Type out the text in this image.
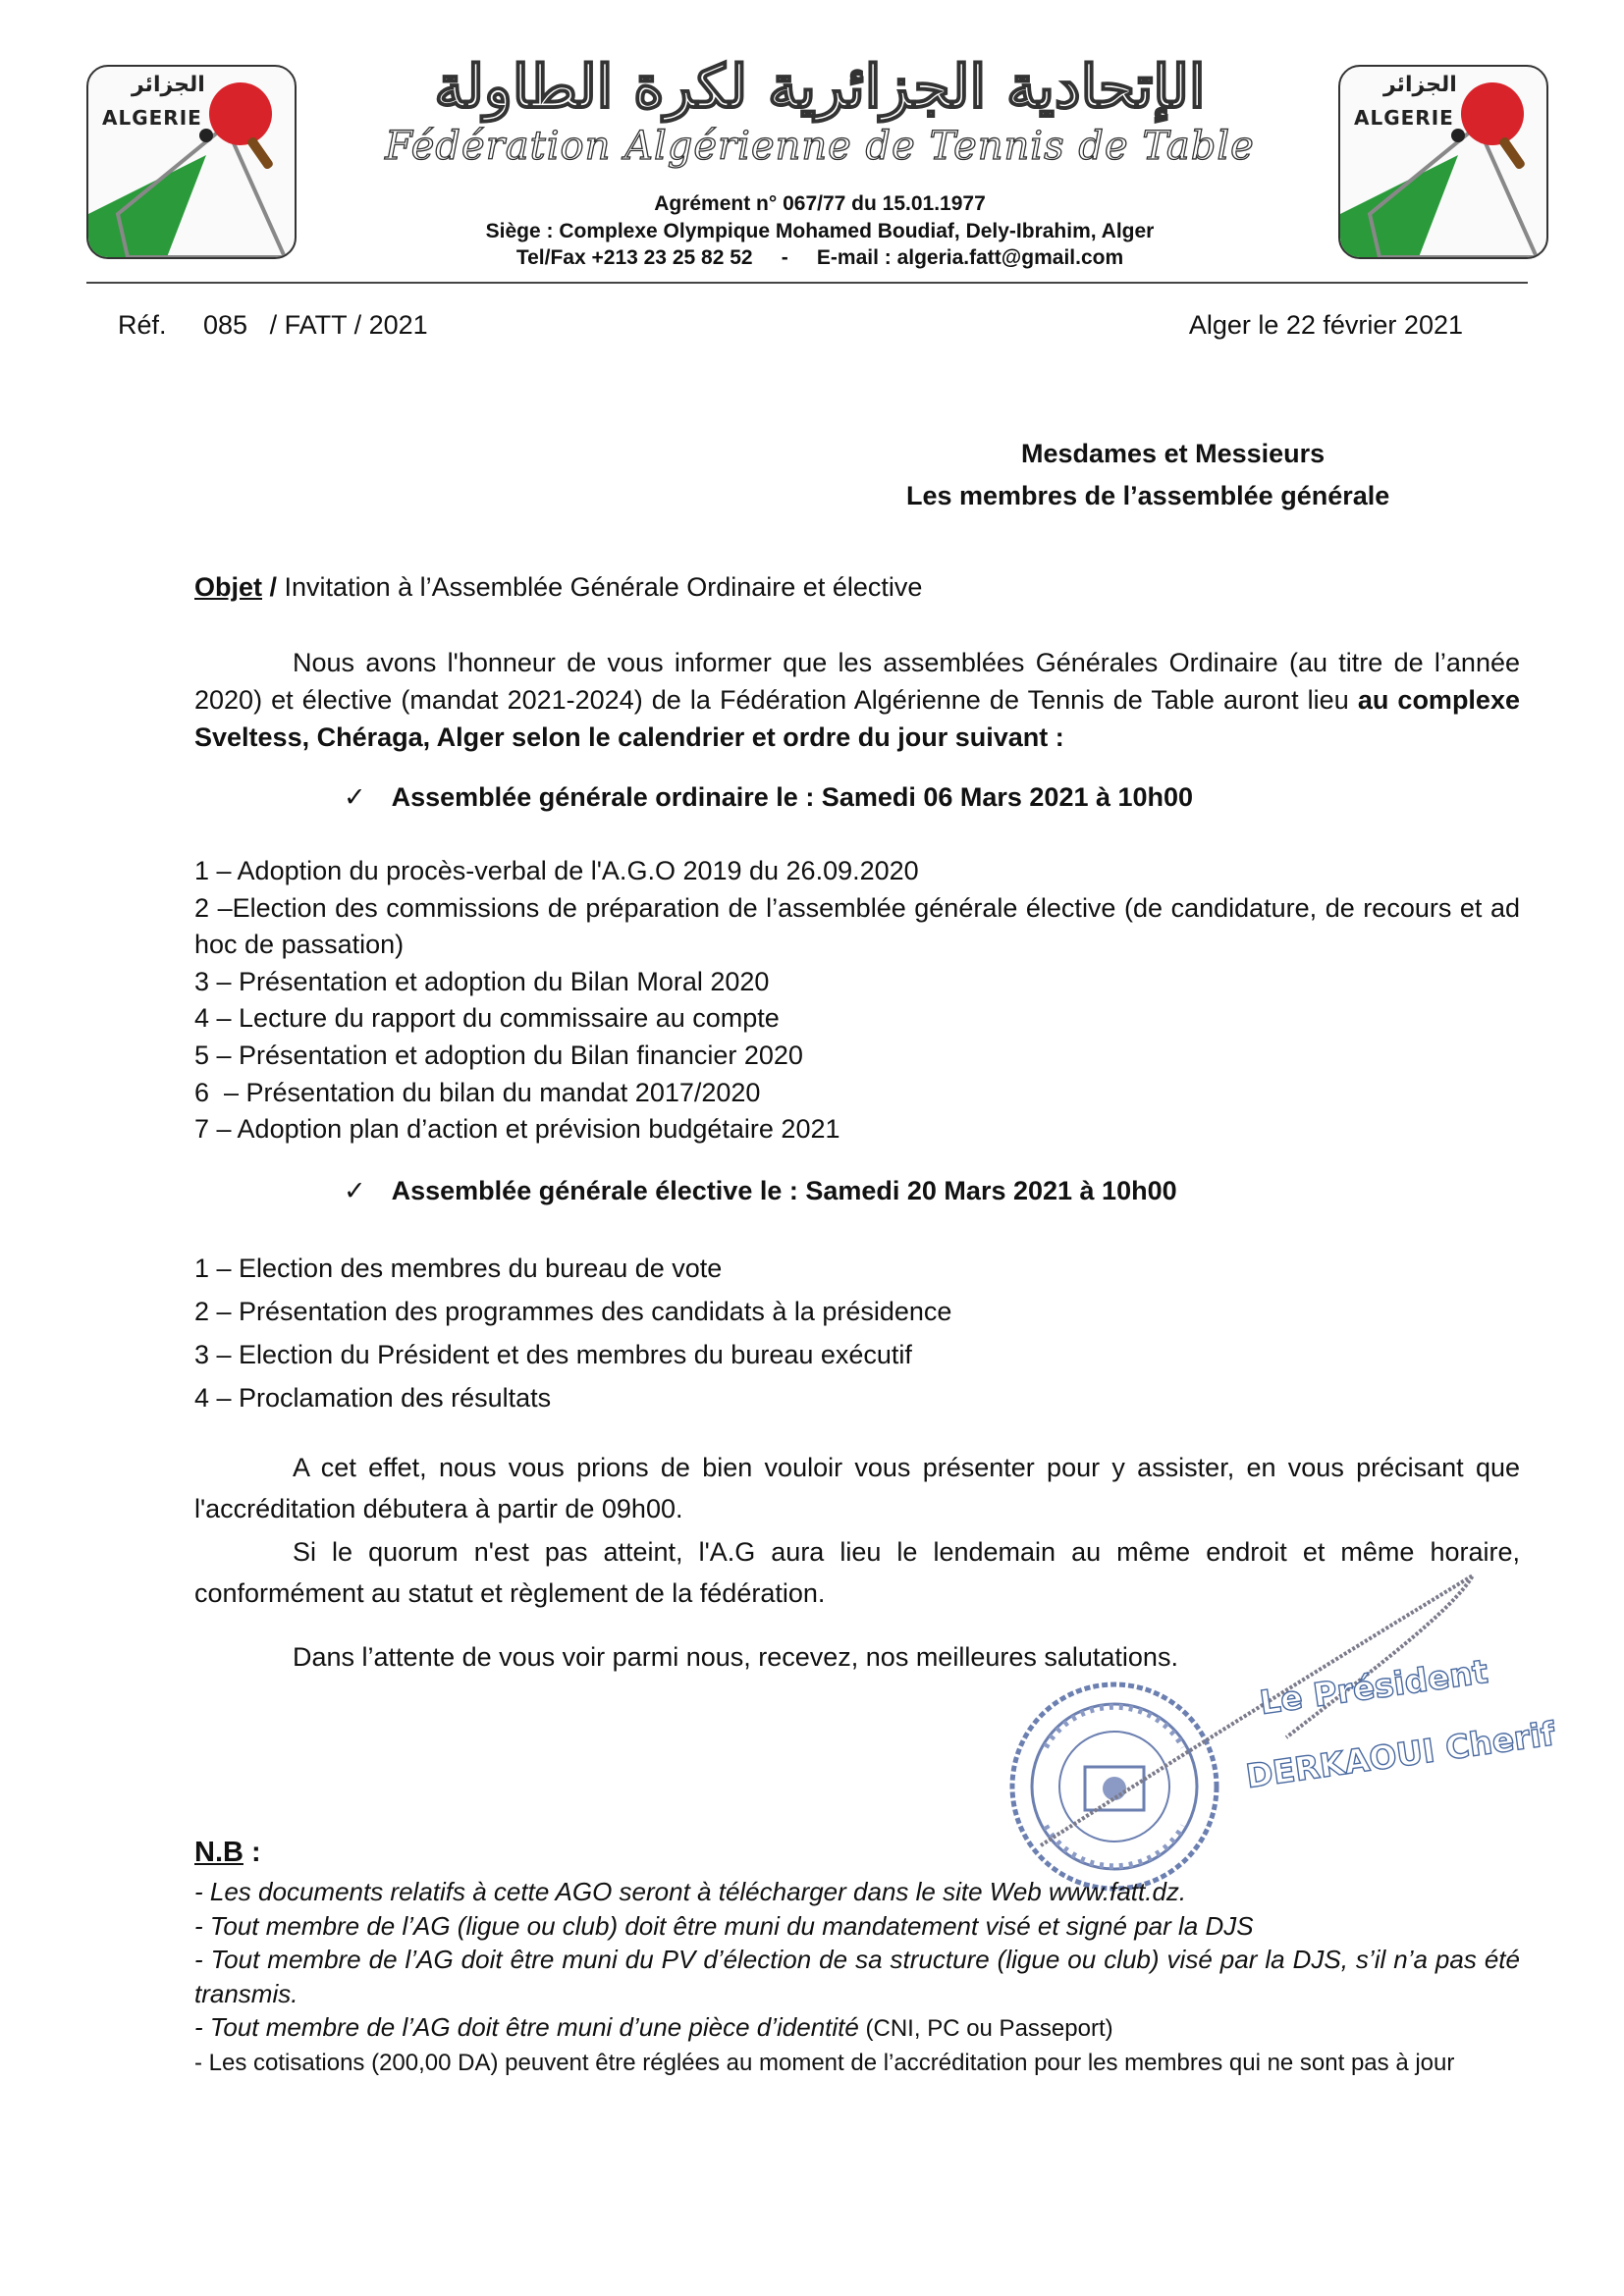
الجزائر
ALGERIE	الإتحادية الجزائرية لكرة الطاولة
Fédération Algérienne de Tennis de Table
Agrément n° 067/77 du 15.01.1977
Siège : Complexe Olympique Mohamed Boudiaf, Dely-Ibrahim, Alger
Tel/Fax +213 23 25 82 52     -     E-mail : algeria.fatt@gmail.com
الجزائر
ALGERIE
Réf.     085   / FATT / 2021	Alger le 22 février 2021
Mesdames et Messieurs
Les membres de l’assemblée générale
Objet / Invitation à l’Assemblée Générale Ordinaire et élective
Nous avons l'honneur de vous informer que les assemblées Générales Ordinaire (au titre de l’année 2020) et élective (mandat 2021-2024) de la Fédération Algérienne de Tennis de Table auront lieu au complexe Sveltess, Chéraga, Alger selon le calendrier et ordre du jour suivant :
✓ Assemblée générale ordinaire le : Samedi 06 Mars 2021 à 10h00
1 – Adoption du procès-verbal de l'A.G.O 2019 du 26.09.2020
2 –Election des commissions de préparation de l’assemblée générale élective (de candidature, de recours et ad hoc de passation)
3 – Présentation et adoption du Bilan Moral 2020
4 – Lecture du rapport du commissaire au compte
5 – Présentation et adoption du Bilan financier 2020
6  – Présentation du bilan du mandat 2017/2020
7 – Adoption plan d’action et prévision budgétaire 2021
✓ Assemblée générale élective le : Samedi 20 Mars 2021 à 10h00
1 – Election des membres du bureau de vote
2 – Présentation des programmes des candidats à la présidence
3 – Election du Président et des membres du bureau exécutif
4 – Proclamation des résultats
A cet effet, nous vous prions de bien vouloir vous présenter pour y assister, en vous précisant que l'accréditation débutera à partir de 09h00.
Si le quorum n'est pas atteint, l'A.G aura lieu le lendemain au même endroit et même horaire, conformément au statut et règlement de la fédération.
Dans l’attente de vous voir parmi nous, recevez, nos meilleures salutations. Le Président
DERKAOUI Cherif
N.B :
- Les documents relatifs à cette AGO seront à télécharger dans le site Web www.fatt.dz.
- Tout membre de l’AG (ligue ou club) doit être muni du mandatement visé et signé par la DJS
- Tout membre de l’AG doit être muni du PV d’élection de sa structure (ligue ou club) visé par la DJS, s’il n’a pas été transmis.
- Tout membre de l’AG doit être muni d’une pièce d’identité (CNI, PC ou Passeport)
- Les cotisations (200,00 DA) peuvent être réglées au moment de l’accréditation pour les membres qui ne sont pas à jour
